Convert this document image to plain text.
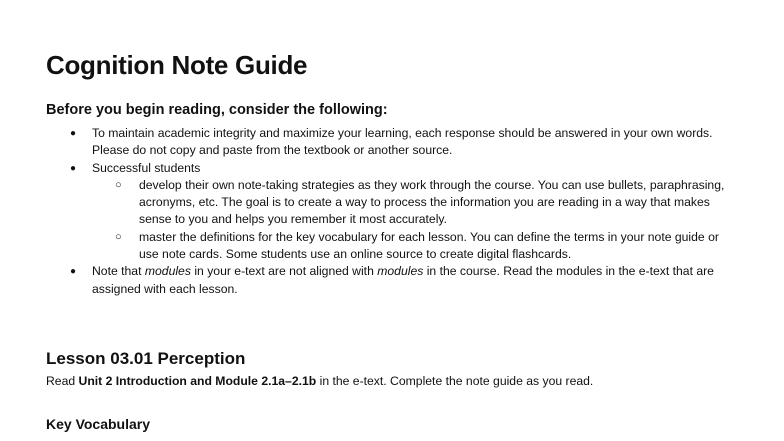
Cognition Note Guide

Before you begin reading, consider the following:

● To maintain academic integrity and maximize your learning, each response should be answered in your own words. Please do not copy and paste from the textbook or another source.
● Successful students
○ develop their own note-taking strategies as they work through the course. You can use bullets, paraphrasing, acronyms, etc. The goal is to create a way to process the information you are reading in a way that makes sense to you and helps you remember it most accurately.
○ master the definitions for the key vocabulary for each lesson. You can define the terms in your note guide or use note cards. Some students use an online source to create digital flashcards.
● Note that modules in your e-text are not aligned with modules in the course. Read the modules in the e-text that are assigned with each lesson.
Lesson 03.01 Perception

Read Unit 2 Introduction and Module 2.1a–2.1b in the e-text. Complete the note guide as you read.

Key Vocabulary
